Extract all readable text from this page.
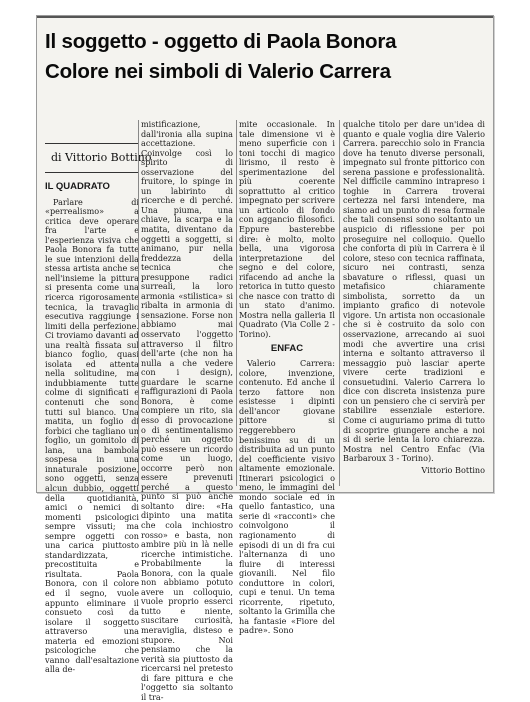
Il soggetto - oggetto di Paola Bonora
Colore nei simboli di Valerio Carrera

IL QUADRATO

Parlare di «perrealismo» a critica deve operare fra l'arte e l'esperienza visiva che Paola Bonora fa tutte le sue intenzioni della stessa artista anche se nell'insieme la pittura si presenta come una ricerca rigorosamente tecnica, la travaglio esecutiva raggiunge i limiti della perfezione. Ci troviamo davanti ad una realtà fissata sul bianco foglio, quasi isolata ed attenta nella solitudine, ma indubbiamente tutte colme di significati e contenuti che sono tutti sul bianco. Una matita, un foglio di forbici che tagliano un foglio, un gomitolo di lana, una bambola sospesa in una innaturale posizione, sono oggetti, senza alcun dubbio, oggetti della quotidianità, amici o nemici di momenti psicologici sempre vissuti; ma sempre oggetti con una carica piuttosto standardizzata, precostituita e risultata. Paola Bonora, con il colore ed il segno, vuole appunto eliminare il consueto così da isolare il soggetto attraverso una materia ed emozioni psicologiche che vanno dall'esaltazione alla de-

di Vittorio Bottino

mistificazione, dall'ironia alla supina accettazione. Coinvolge così lo spirito di osservazione del fruitore, lo spinge in un labirinto di ricerche e di perché. Una piuma, una chiave, la scarpa e la matita, diventano da oggetti a soggetti, si animano, pur nella freddezza della tecnica che presuppone radici surreali, la loro armonia «stilistica» si ribalta in armonia di sensazione. Forse non abbiamo mai osservato l'oggetto attraverso il filtro dell'arte (che non ha nulla a che vedere con i design), guardare le scarne raffigurazioni di Paola Bonora, è come compiere un rito, sia esso di provocazione o di sentimentalismo perché un oggetto può essere un ricordo come un luogo, occorre però non essere prevenuti perché a questo punto si può anche soltanto dire: «Ha dipinto una matita che cola inchiostro rosso» e basta, non ambire più in là nelle ricerche intimistiche. Probabilmente la Bonora, con la quale non abbiamo potuto avere un colloquio, vuole proprio esserci tutto e niente, suscitare curiosità, meraviglia, disteso e stupore. Noi pensiamo che la verità sia piuttosto da ricercarsi nel pretesto di fare pittura e che l'oggetto sia soltanto il tra-

mite occasionale. In tale dimensione vi è meno superficie con i toni tocchi di magico lirismo, il resto è sperimentazione del più coerente soprattutto al critico impegnato per scrivere un articolo di fondo con aggancio filosofici. Eppure basterebbe dire: è molto, molto bella, una vigorosa interpretazione del segno e del colore, rifacendo ad anche la retorica in tutto questo che nasce con tratto di un stato d'animo. Mostra nella galleria Il Quadrato (Via Colle 2 - Torino).

ENFAC

Valerio Carrera: colore, invenzione, contenuto. Ed anche il terzo fattore non esistesse i dipinti dell'ancor giovane pittore si reggerebbero benissimo su di un distribuita ad un punto del coefficiente visivo altamente emozionale. Itinerari psicologici o meno, le immagini del mondo sociale ed in quello fantastico, una serie di «racconti» che coinvolgono il ragionamento di episodi di un di fra cui l'alternanza di uno fluire di interessi giovanili. Nel filo conduttore in colori, cupi e tenui. Un tema ricorrente, ripetuto, soltanto la Grimilla che ha fantasie «Fiore del padre». Sono

qualche titolo per dare un'idea di quanto e quale voglia dire Valerio Carrera. parecchio solo in Francia dove ha tenuto diverse personali, impegnato sul fronte pittorico con serena passione e professionalità. Nel difficile cammino intrapreso i toghie in Carrera troverai certezza nel farsi intendere, ma siamo ad un punto di resa formale che tali consensi sono soltanto un auspicio di riflessione per poi proseguire nel colloquio. Quello che conforta di più in Carrera è il colore, steso con tecnica raffinata, sicuro nei contrasti, senza sbavature o riflessi, quasi un metafisico chiaramente simbolista, sorretto da un impianto grafico di notevole vigore. Un artista non occasionale che si è costruito da solo con osservazione, arrecando ai suoi modi che avvertire una crisi interna e soltanto attraverso il messaggio può lasciar aperte vivere certe tradizioni e consuetudini. Valerio Carrera lo dice con discreta insistenza pure con un pensiero che ci servirà per stabilire essenziale esteriore. Come ci auguriamo prima di tutto di scoprire giungere anche a noi si di serie lenta la loro chiarezza. Mostra nel Centro Enfac (Via Barbaroux 3 - Torino).

Vittorio Bottino
